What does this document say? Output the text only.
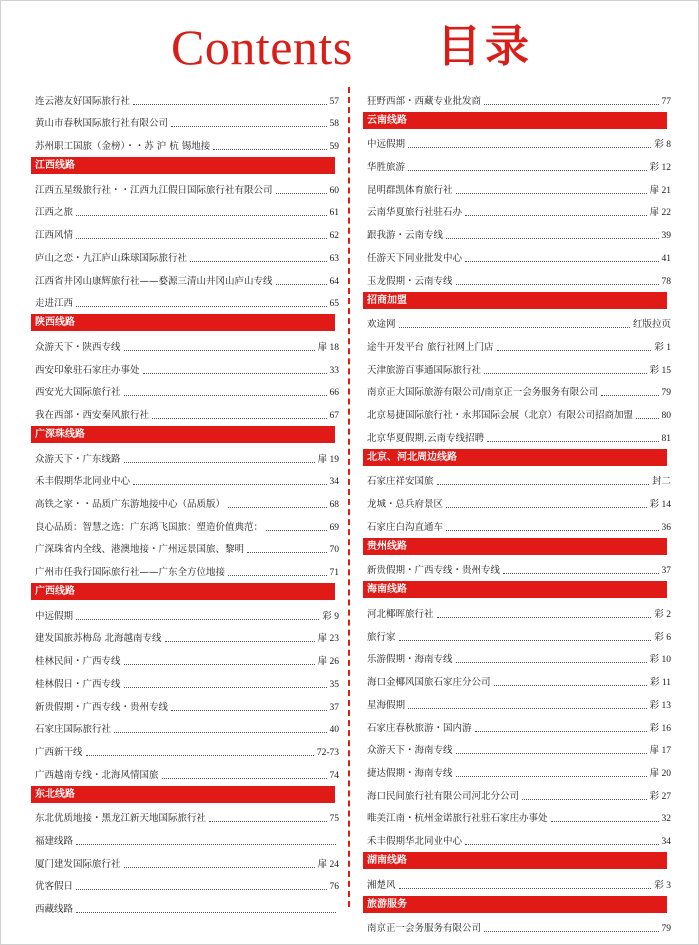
Contents 目录
连云港友好国际旅行社	57
黄山市春秋国际旅行社有限公司	58
苏州职工国旅（金榜）・・苏 沪 杭 锡地接	59
江西线路
江西五星级旅行社・・江西九江假日国际旅行社有限公司	60
江西之旅	61
江西风情	62
庐山之恋・九江庐山珠球国际旅行社	63
江西省井冈山康辉旅行社——婺源三清山井冈山庐山专线	64
走进江西	65
陕西线路
众游天下・陕西专线	扉 18
西安印象驻石家庄办事处	33
西安光大国际旅行社	66
我在西部・西安秦风旅行社	67
广深珠线路
众游天下・广东线路	扉 19
禾丰假期华北同业中心	34
高铁之家・・品质广东游地接中心（品质版）	68
良心品质：智慧之选：广东鸿飞国旅：塑造价值典范：	69
广深珠省内全线、港澳地接・广州远景国旅、黎明	70
广州市任我行国际旅行社——广东全方位地接	71
广西线路
中远假期	彩 9
建发国旅苏梅岛 北海越南专线	扉 23
桂林民间・广西专线	扉 26
桂林假日・广西专线	35
新贵假期・广西专线・贵州专线	37
石家庄国际旅行社	40
广西新干线	72-73
广西越南专线・北海风情国旅	74
东北线路
东北优质地接・黑龙江新天地国际旅行社	75
福建线路
厦门建发国际旅行社	扉 24
优客假日	76
西藏线路
狂野西部・西藏专业批发商	77
云南线路
中远假期	彩 8
华胜旅游	彩 12
昆明群凯体育旅行社	扉 21
云南华夏旅行社驻石办	扉 22
跟我游・云南专线	39
任游天下同业批发中心	41
玉龙假期・云南专线	78
招商加盟
欢途网	红版拉页
途牛开发平台 旅行社网上门店	彩 1
天津旅游百事通国际旅行社	彩 15
南京正大国际旅游有限公司/南京正一会务服务有限公司	79
北京易捷国际旅行社・永邦国际会展（北京）有限公司招商加盟	80
北京华夏假期.云南专线招聘	81
北京、河北周边线路
石家庄祥安国旅	封二
龙城・总兵府景区	彩 14
石家庄白沟直通车	36
贵州线路
新贵假期・广西专线・贵州专线	37
海南线路
河北椰晖旅行社	彩 2
旅行家	彩 6
乐游假期・海南专线	彩 10
海口金椰风国旅石家庄分公司	彩 11
星海假期	彩 13
石家庄春秋旅游・国内游	彩 16
众游天下・海南专线	扉 17
捷达假期・海南专线	扉 20
海口民间旅行社有限公司河北分公司	彩 27
唯美江南・杭州金诺旅行社驻石家庄办事处	32
禾丰假期华北同业中心	34
湖南线路
湘楚风	彩 3
旅游服务
南京正一会务服务有限公司	79
